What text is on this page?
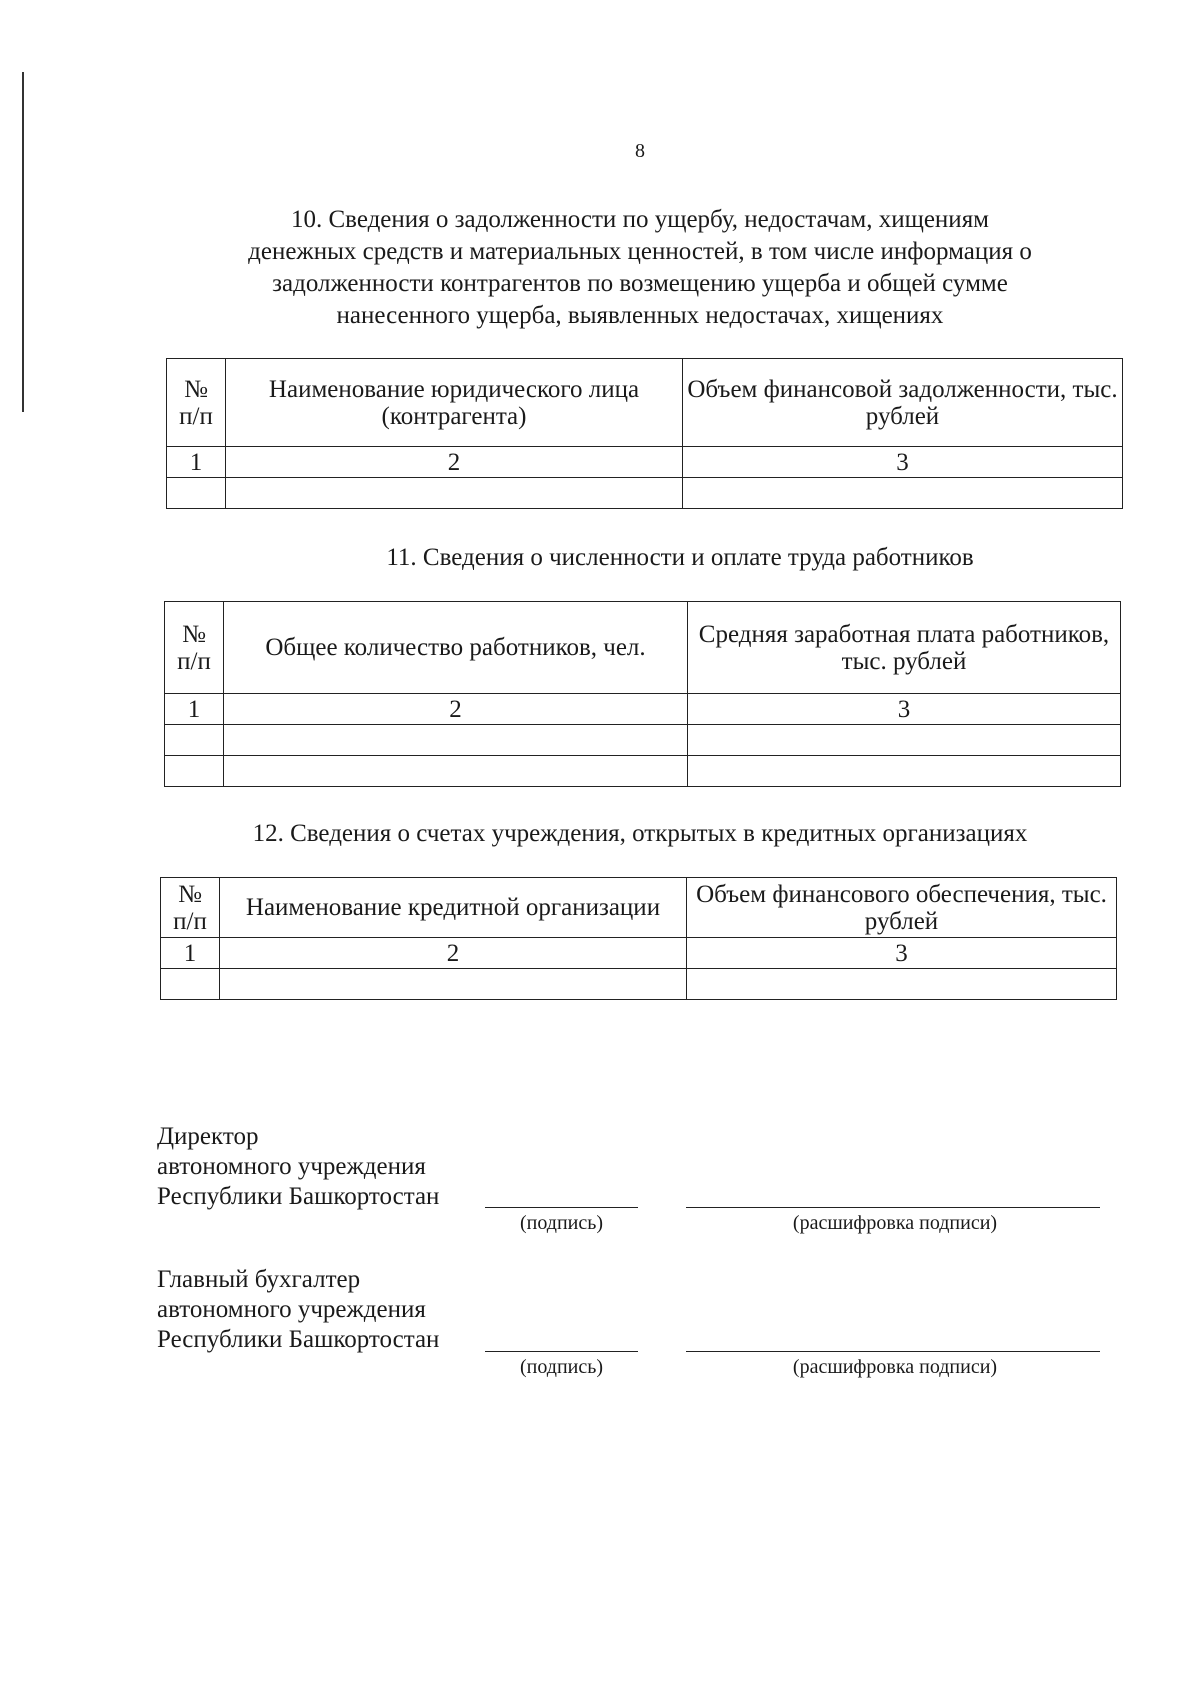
8
10. Сведения о задолженности по ущербу, недостачам, хищениям
денежных средств и материальных ценностей, в том числе информация о
задолженности контрагентов по возмещению ущерба и общей сумме
нанесенного ущерба, выявленных недостачах, хищениях
№ п/п	Наименование юридического лица (контрагента)	Объем финансовой задолженности, тыс. рублей
1	2	3

11. Сведения о численности и оплате труда работников
№ п/п	Общее количество работников, чел.	Средняя заработная плата работников, тыс. рублей
1	2	3

12. Сведения о счетах учреждения, открытых в кредитных организациях
№ п/п	Наименование кредитной организации	Объем финансового обеспечения, тыс. рублей
1	2	3

Директор
автономного учреждения
Республики Башкортостан
(подпись)	(расшифровка подписи)
Главный бухгалтер
автономного учреждения
Республики Башкортостан
(подпись)	(расшифровка подписи)
